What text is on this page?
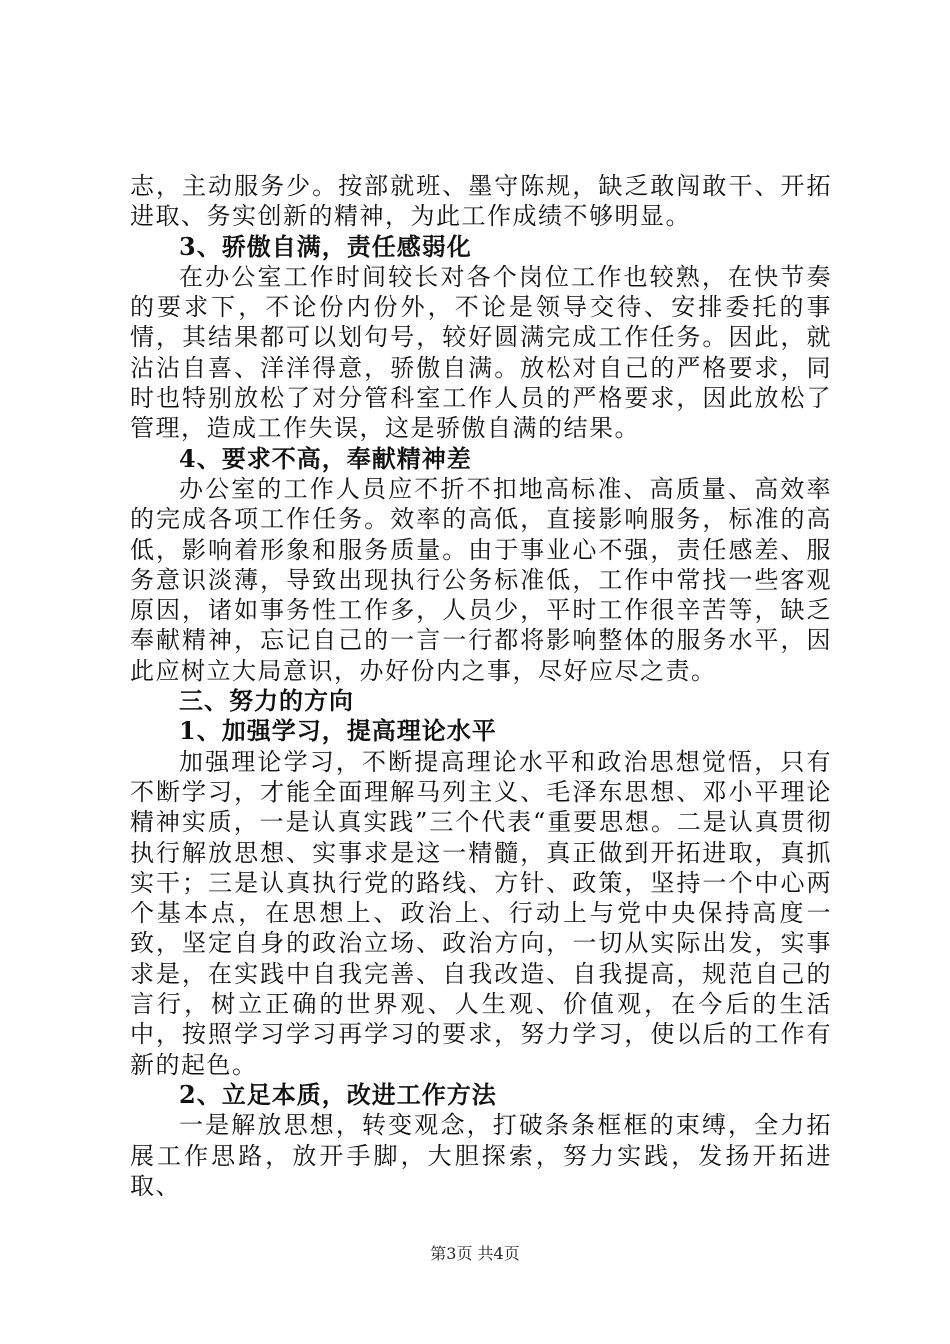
志，主动服务少。按部就班、墨守陈规，缺乏敢闯敢干、开拓进取、务实创新的精神，为此工作成绩不够明显。

3、骄傲自满，责任感弱化

在办公室工作时间较长对各个岗位工作也较熟，在快节奏的要求下，不论份内份外，不论是领导交待、安排委托的事情，其结果都可以划句号，较好圆满完成工作任务。因此，就沾沾自喜、洋洋得意，骄傲自满。放松对自己的严格要求，同时也特别放松了对分管科室工作人员的严格要求，因此放松了管理，造成工作失误，这是骄傲自满的结果。

4、要求不高，奉献精神差

办公室的工作人员应不折不扣地高标准、高质量、高效率的完成各项工作任务。效率的高低，直接影响服务，标准的高低，影响着形象和服务质量。由于事业心不强，责任感差、服务意识淡薄，导致出现执行公务标准低，工作中常找一些客观原因，诸如事务性工作多，人员少，平时工作很辛苦等，缺乏奉献精神，忘记自己的一言一行都将影响整体的服务水平，因此应树立大局意识，办好份内之事，尽好应尽之责。

三、努力的方向

1、加强学习，提高理论水平

加强理论学习，不断提高理论水平和政治思想觉悟，只有不断学习，才能全面理解马列主义、毛泽东思想、邓小平理论精神实质，一是认真实践”三个代表“重要思想。二是认真贯彻执行解放思想、实事求是这一精髓，真正做到开拓进取，真抓实干；三是认真执行党的路线、方针、政策，坚持一个中心两个基本点，在思想上、政治上、行动上与党中央保持高度一致，坚定自身的政治立场、政治方向，一切从实际出发，实事求是，在实践中自我完善、自我改造、自我提高，规范自己的言行，树立正确的世界观、人生观、价值观，在今后的生活中，按照学习学习再学习的要求，努力学习，使以后的工作有新的起色。

2、立足本质，改进工作方法

一是解放思想，转变观念，打破条条框框的束缚，全力拓展工作思路，放开手脚，大胆探索，努力实践，发扬开拓进取、

第3页 共4页
